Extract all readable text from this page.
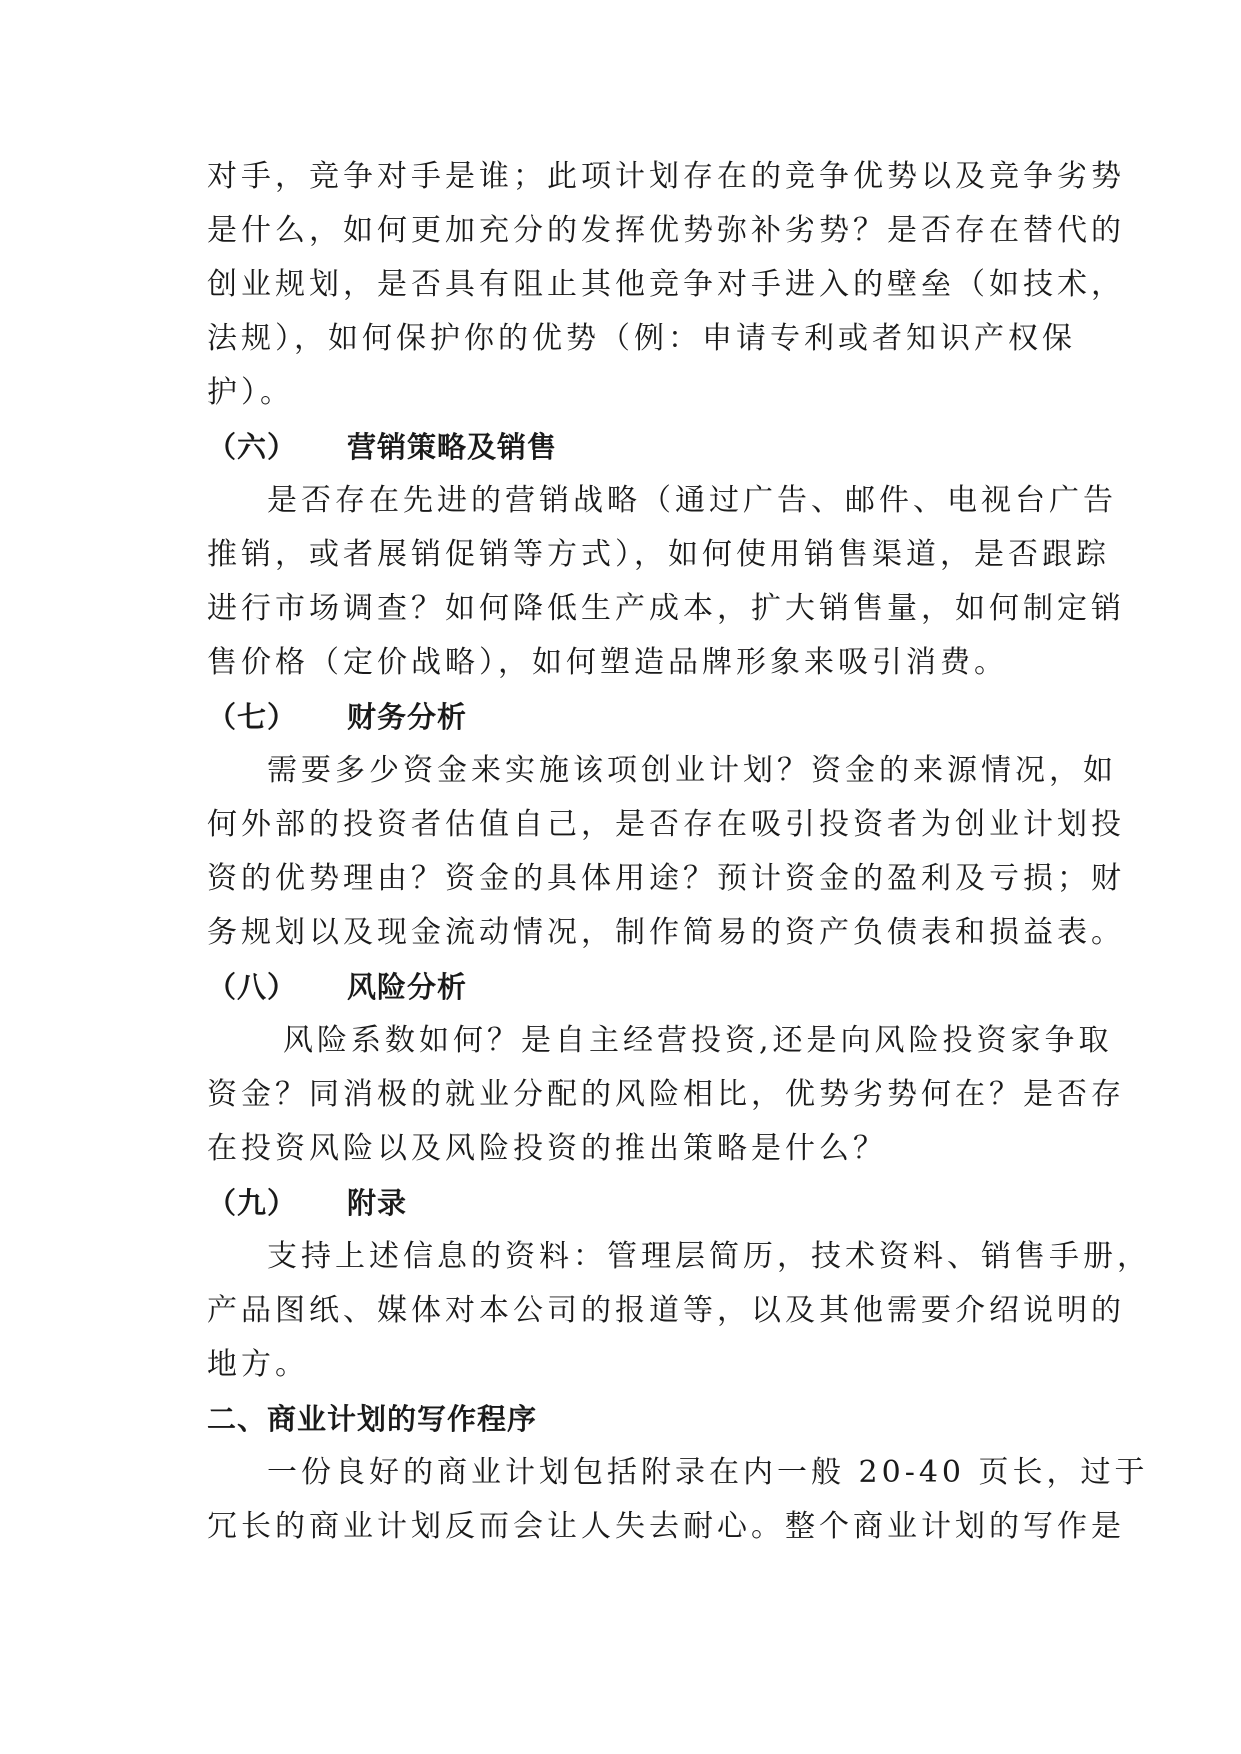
对手，竞争对手是谁；此项计划存在的竞争优势以及竞争劣势
是什么，如何更加充分的发挥优势弥补劣势？是否存在替代的
创业规划，是否具有阻止其他竞争对手进入的壁垒（如技术，
法规），如何保护你的优势（例：申请专利或者知识产权保
护）。
（六） 营销策略及销售
是否存在先进的营销战略（通过广告、邮件、电视台广告
推销，或者展销促销等方式），如何使用销售渠道，是否跟踪
进行市场调查？如何降低生产成本，扩大销售量，如何制定销
售价格（定价战略），如何塑造品牌形象来吸引消费。
（七） 财务分析
需要多少资金来实施该项创业计划？资金的来源情况，如
何外部的投资者估值自己，是否存在吸引投资者为创业计划投
资的优势理由？资金的具体用途？预计资金的盈利及亏损；财
务规划以及现金流动情况，制作简易的资产负债表和损益表。
（八） 风险分析
风险系数如何？是自主经营投资,还是向风险投资家争取
资金？同消极的就业分配的风险相比，优势劣势何在？是否存
在投资风险以及风险投资的推出策略是什么？
（九） 附录
支持上述信息的资料：管理层简历，技术资料、销售手册，
产品图纸、媒体对本公司的报道等，以及其他需要介绍说明的
地方。
二、商业计划的写作程序
一份良好的商业计划包括附录在内一般 20-40 页长，过于
冗长的商业计划反而会让人失去耐心。整个商业计划的写作是
